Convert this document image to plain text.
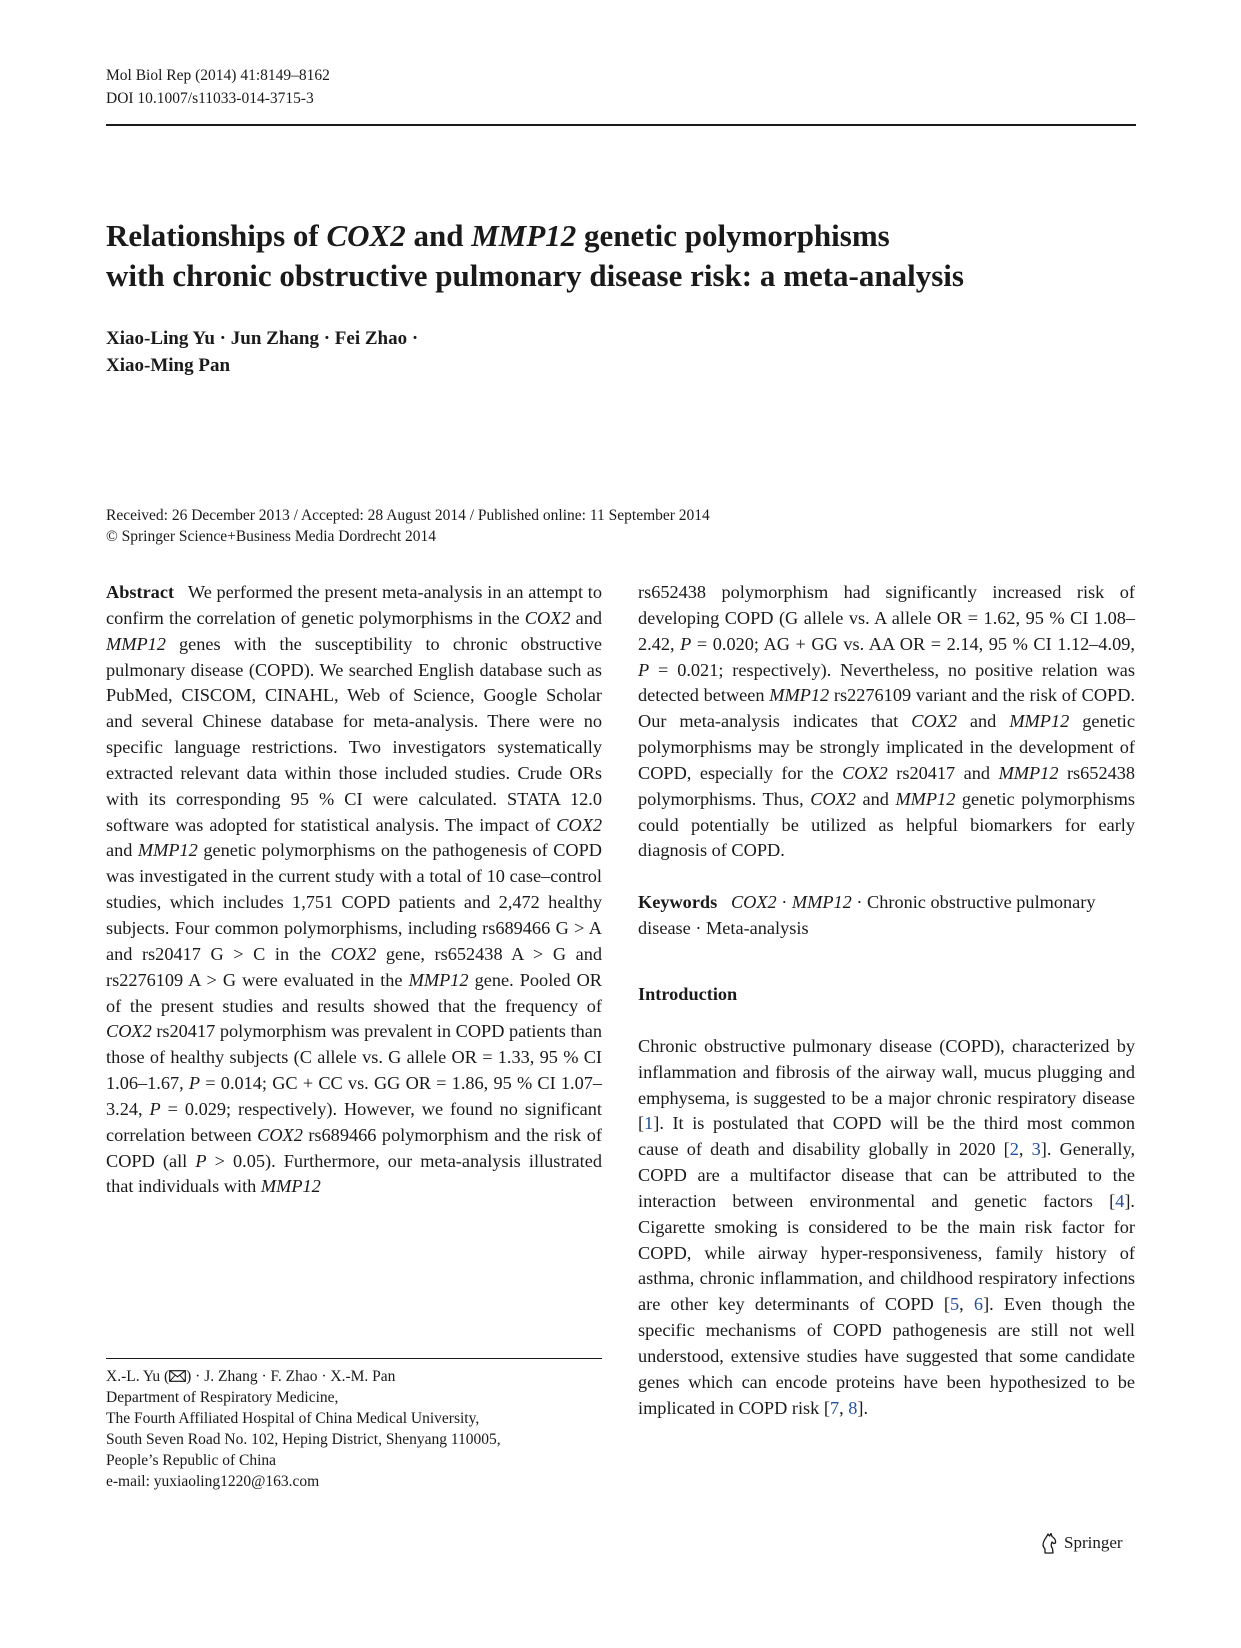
Mol Biol Rep (2014) 41:8149–8162
DOI 10.1007/s11033-014-3715-3
Relationships of COX2 and MMP12 genetic polymorphisms
with chronic obstructive pulmonary disease risk: a meta-analysis
Xiao-Ling Yu · Jun Zhang · Fei Zhao ·
Xiao-Ming Pan
Received: 26 December 2013 / Accepted: 28 August 2014 / Published online: 11 September 2014
© Springer Science+Business Media Dordrecht 2014

Abstract We performed the present meta-analysis in an attempt to confirm the correlation of genetic polymorphisms in the COX2 and MMP12 genes with the susceptibility to chronic obstructive pulmonary disease (COPD). We searched English database such as PubMed, CISCOM, CINAHL, Web of Science, Google Scholar and several Chinese database for meta-analysis. There were no specific language restrictions. Two investigators systematically extracted relevant data within those included studies. Crude ORs with its corresponding 95 % CI were calculated. STATA 12.0 software was adopted for statistical analysis. The impact of COX2 and MMP12 genetic polymorphisms on the pathogenesis of COPD was investigated in the current study with a total of 10 case–control studies, which includes 1,751 COPD patients and 2,472 healthy subjects. Four common polymorphisms, including rs689466 G > A and rs20417 G > C in the COX2 gene, rs652438 A > G and rs2276109 A > G were evaluated in the MMP12 gene. Pooled OR of the present studies and results showed that the frequency of COX2 rs20417 polymorphism was prevalent in COPD patients than those of healthy subjects (C allele vs. G allele OR = 1.33, 95 % CI 1.06–1.67, P = 0.014; GC + CC vs. GG OR = 1.86, 95 % CI 1.07–3.24, P = 0.029; respectively). However, we found no significant correlation between COX2 rs689466 polymorphism and the risk of COPD (all P > 0.05). Furthermore, our meta-analysis illustrated that individuals with MMP12

rs652438 polymorphism had significantly increased risk of developing COPD (G allele vs. A allele OR = 1.62, 95 % CI 1.08–2.42, P = 0.020; AG + GG vs. AA OR = 2.14, 95 % CI 1.12–4.09, P = 0.021; respectively). Nevertheless, no positive relation was detected between MMP12 rs2276109 variant and the risk of COPD. Our meta-analysis indicates that COX2 and MMP12 genetic polymorphisms may be strongly implicated in the development of COPD, especially for the COX2 rs20417 and MMP12 rs652438 polymorphisms. Thus, COX2 and MMP12 genetic polymorphisms could potentially be utilized as helpful biomarkers for early diagnosis of COPD.

Keywords COX2 · MMP12 · Chronic obstructive pulmonary disease · Meta-analysis

Introduction

Chronic obstructive pulmonary disease (COPD), characterized by inflammation and fibrosis of the airway wall, mucus plugging and emphysema, is suggested to be a major chronic respiratory disease [1]. It is postulated that COPD will be the third most common cause of death and disability globally in 2020 [2, 3]. Generally, COPD are a multifactor disease that can be attributed to the interaction between environmental and genetic factors [4]. Cigarette smoking is considered to be the main risk factor for COPD, while airway hyper-responsiveness, family history of asthma, chronic inflammation, and childhood respiratory infections are other key determinants of COPD [5, 6]. Even though the specific mechanisms of COPD pathogenesis are still not well understood, extensive studies have suggested that some candidate genes which can encode proteins have been hypothesized to be implicated in COPD risk [7, 8].

X.-L. Yu ( ) · J. Zhang · F. Zhao · X.-M. Pan
Department of Respiratory Medicine,
The Fourth Affiliated Hospital of China Medical University,
South Seven Road No. 102, Heping District, Shenyang 110005,
People’s Republic of China
e-mail: yuxiaoling1220@163.com
Springer
